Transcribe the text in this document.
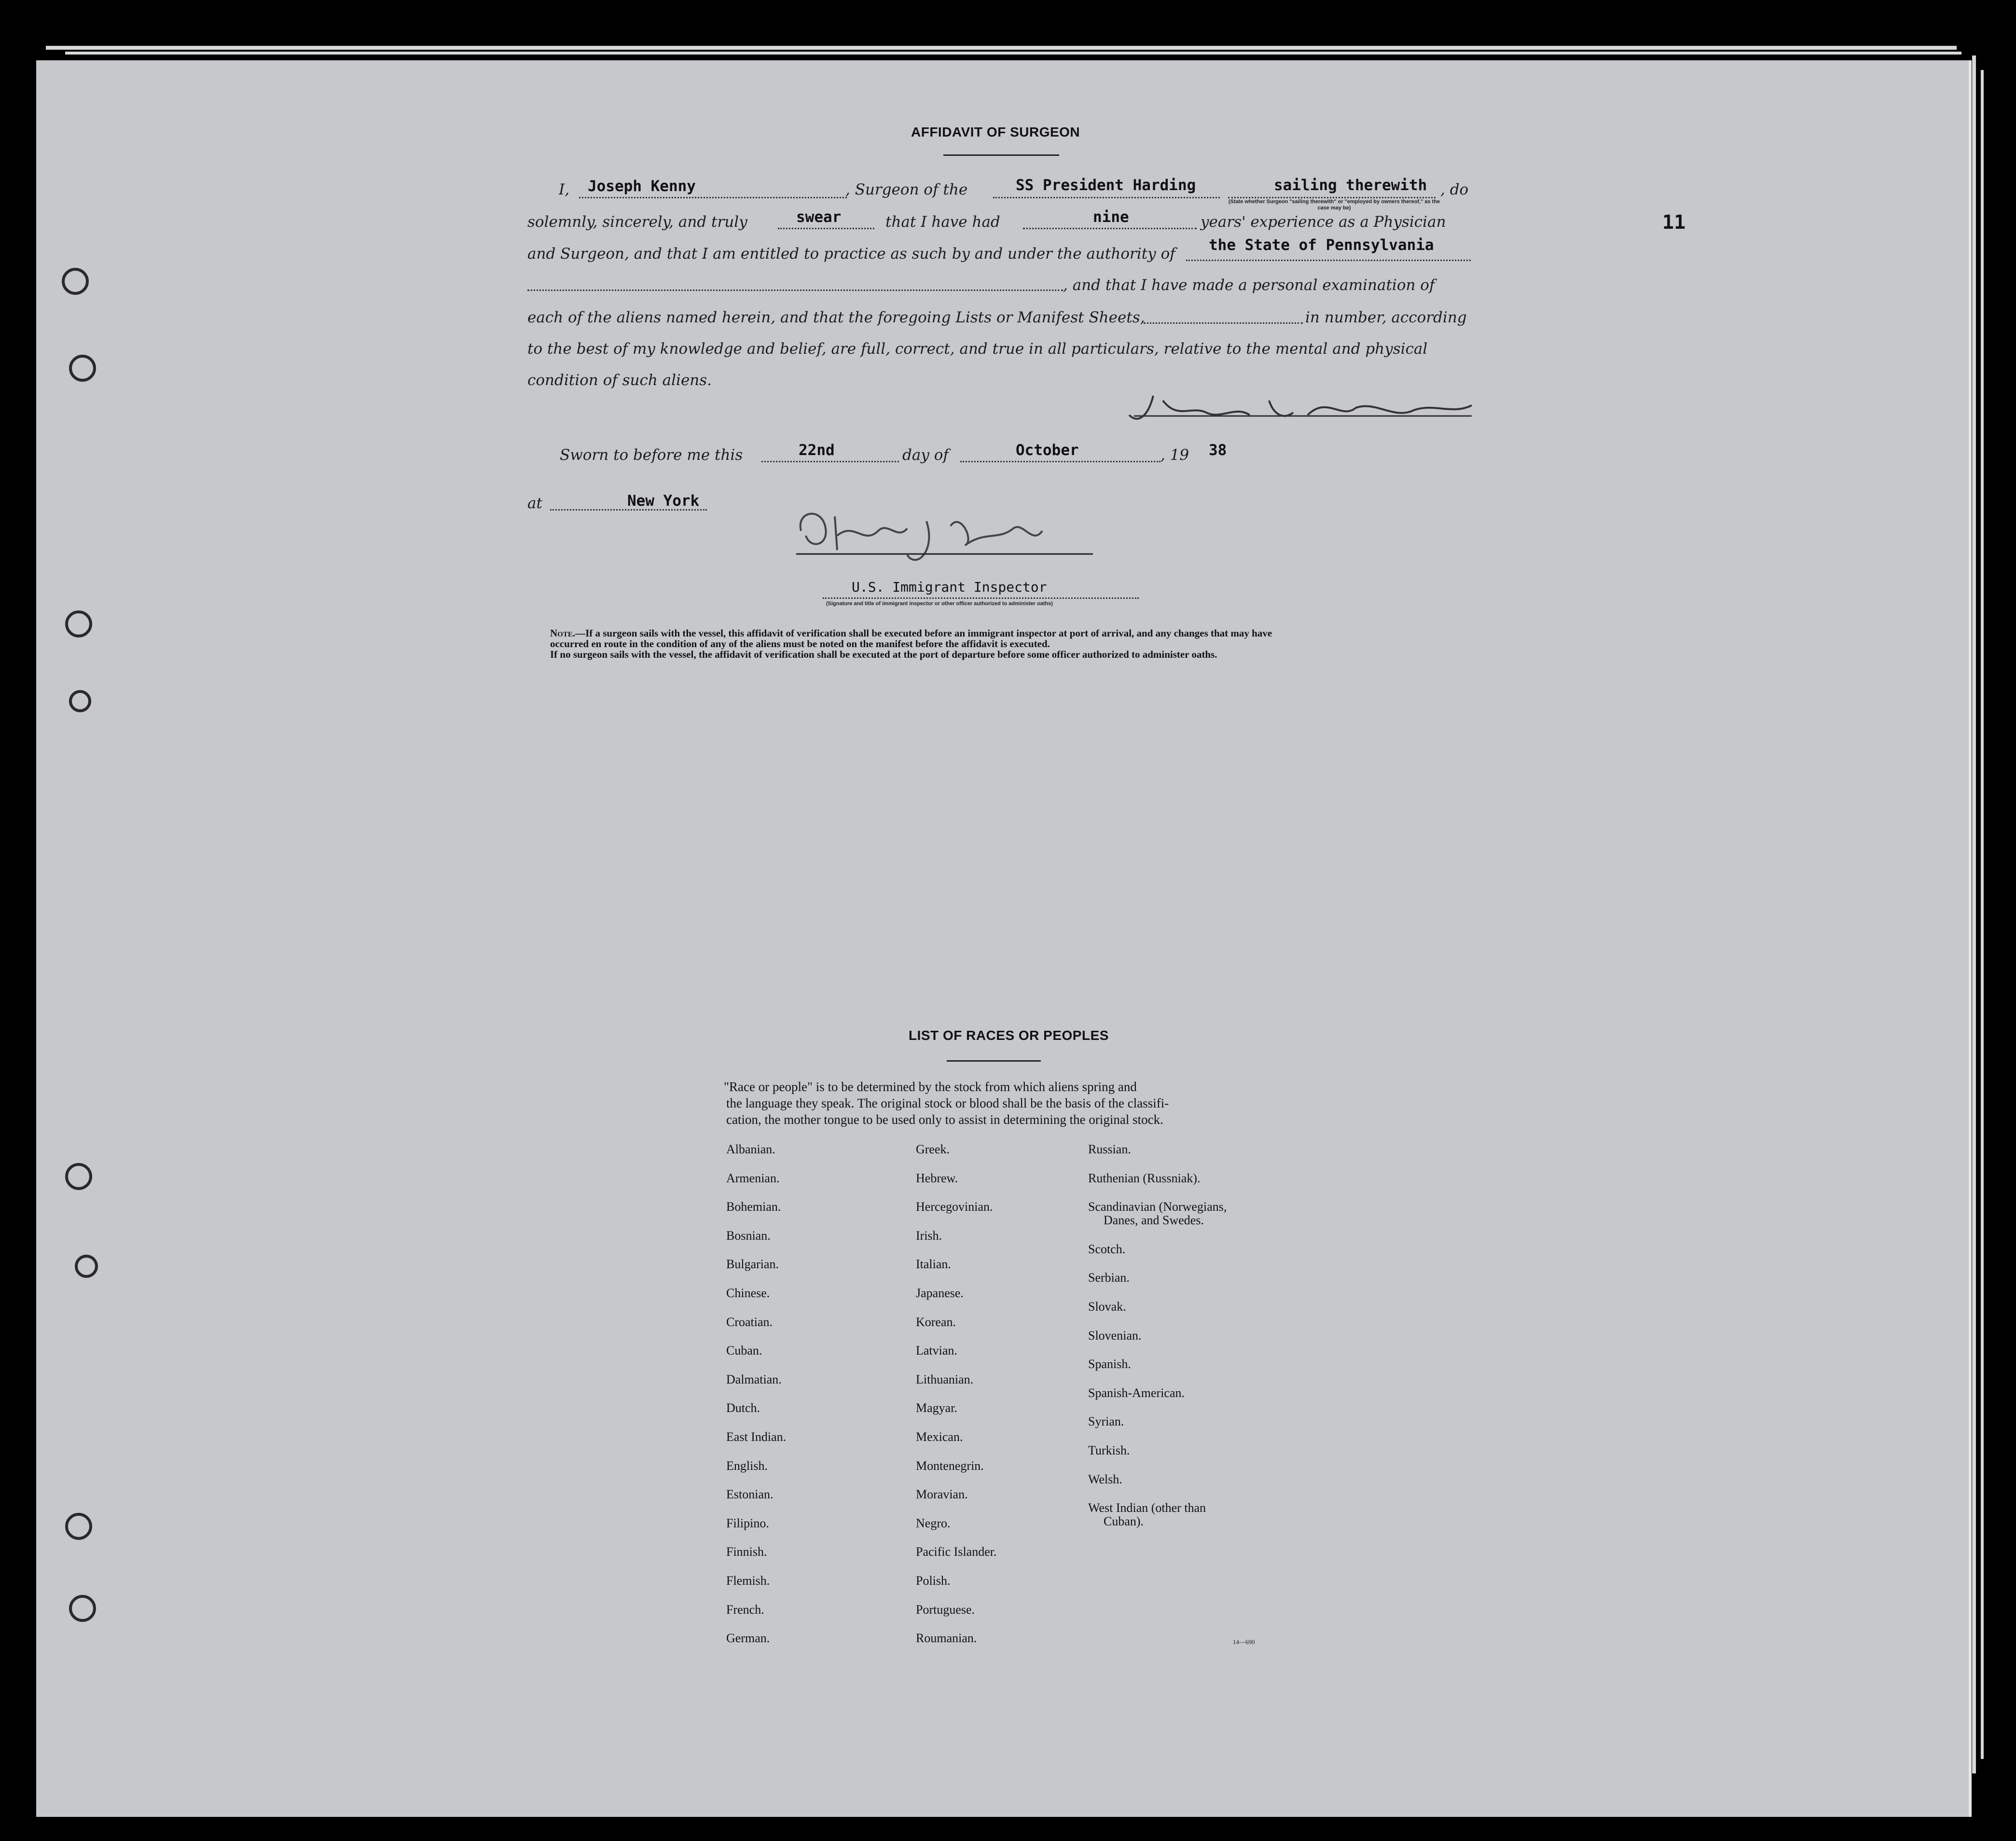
11
AFFIDAVIT OF SURGEON
I, Joseph Kenny	, Surgeon of the	SS President Harding	sailing therewith , do
(State whether Surgeon "sailing therewith" or "employed by owners thereof," as the case may be)
solemnly, sincerely, and truly	swear	that I have had	nine	years' experience as a Physician
and Surgeon, and that I am entitled to practice as such by and under the authority of the State of Pennsylvania
, and that I have made a personal examination of
each of the aliens named herein, and that the foregoing Lists or Manifest Sheets,	in number, according
to the best of my knowledge and belief, are full, correct, and true in all particulars, relative to the mental and physical
condition of such aliens.
Sworn to before me this	22nd	day of	October	, 19 38
at	New York
U.S. Immigrant Inspector
(Signature and title of immigrant inspector or other officer authorized to administer oaths)
Note.—If a surgeon sails with the vessel, this affidavit of verification shall be executed before an immigrant inspector at port of arrival, and any changes that may have
occurred en route in the condition of any of the aliens must be noted on the manifest before the affidavit is executed.
If no surgeon sails with the vessel, the affidavit of verification shall be executed at the port of departure before some officer authorized to administer oaths.
LIST OF RACES OR PEOPLES
"Race or people" is to be determined by the stock from which aliens spring and
the language they speak. The original stock or blood shall be the basis of the classifi-
cation, the mother tongue to be used only to assist in determining the original stock.
Albanian.
Armenian.
Bohemian.
Bosnian.
Bulgarian.
Chinese.
Croatian.
Cuban.
Dalmatian.
Dutch.
East Indian.
English.
Estonian.
Filipino.
Finnish.
Flemish.
French.
German.
Greek.
Hebrew.
Hercegovinian.
Irish.
Italian.
Japanese.
Korean.
Latvian.
Lithuanian.
Magyar.
Mexican.
Montenegrin.
Moravian.
Negro.
Pacific Islander.
Polish.
Portuguese.
Roumanian.
Russian.
Ruthenian (Russniak).
Scandinavian (Norwegians,
Danes, and Swedes.
Scotch.
Serbian.
Slovak.
Slovenian.
Spanish.
Spanish-American.
Syrian.
Turkish.
Welsh.
West Indian (other than
Cuban).
14—690
